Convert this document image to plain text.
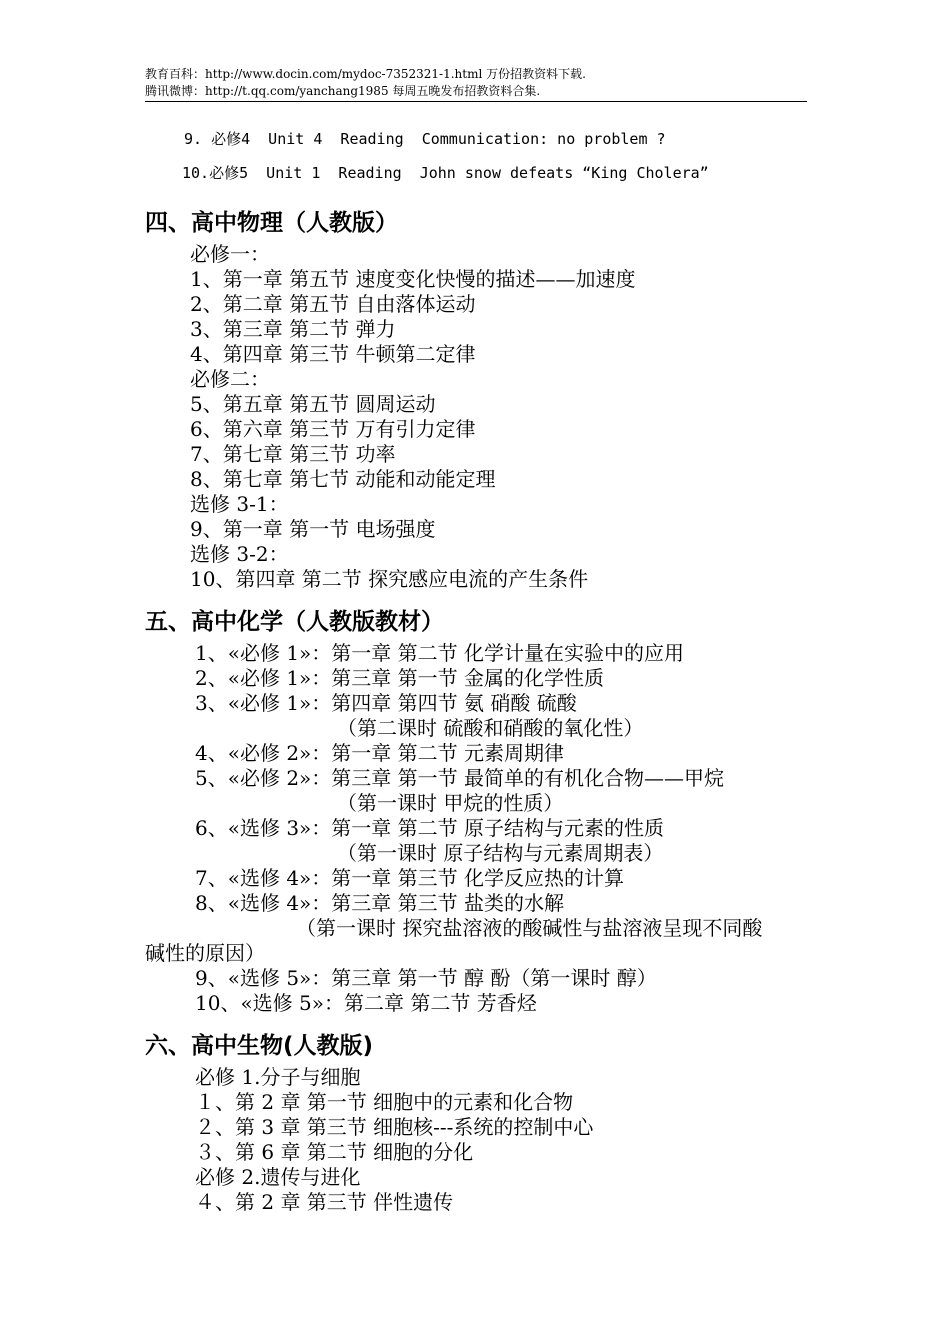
教育百科：http://www.docin.com/mydoc-7352321-1.html 万份招教资料下载.
腾讯微博：http://t.qq.com/yanchang1985 每周五晚发布招教资料合集.
9. 必修4  Unit 4  Reading  Communication: no problem ?
10.必修5  Unit 1  Reading  John snow defeats “King Cholera”
四、高中物理（人教版）
必修一：
1、第一章 第五节 速度变化快慢的描述——加速度
2、第二章 第五节 自由落体运动
3、第三章 第二节 弹力
4、第四章 第三节 牛顿第二定律
必修二：
5、第五章 第五节 圆周运动
6、第六章 第三节 万有引力定律
7、第七章 第三节 功率
8、第七章 第七节 动能和动能定理
选修 3-1：
9、第一章 第一节 电场强度
选修 3-2：
10、第四章 第二节 探究感应电流的产生条件
五、高中化学（人教版教材）
1、«必修 1»：第一章 第二节 化学计量在实验中的应用
2、«必修 1»：第三章 第一节 金属的化学性质
3、«必修 1»：第四章 第四节 氨 硝酸 硫酸
（第二课时 硫酸和硝酸的氧化性）
4、«必修 2»：第一章 第二节 元素周期律
5、«必修 2»：第三章 第一节 最简单的有机化合物——甲烷
（第一课时 甲烷的性质）
6、«选修 3»：第一章 第二节 原子结构与元素的性质
（第一课时 原子结构与元素周期表）
7、«选修 4»：第一章 第三节 化学反应热的计算
8、«选修 4»：第三章 第三节 盐类的水解
（第一课时 探究盐溶液的酸碱性与盐溶液呈现不同酸
碱性的原因）
9、«选修 5»：第三章 第一节 醇 酚（第一课时 醇）
10、«选修 5»：第二章 第二节 芳香烃
六、高中生物(人教版)
必修 1.分子与细胞
１、第 2 章 第一节 细胞中的元素和化合物
２、第 3 章 第三节 细胞核---系统的控制中心
３、第 6 章 第二节 细胞的分化
必修 2.遗传与进化
４、第 2 章 第三节 伴性遗传
